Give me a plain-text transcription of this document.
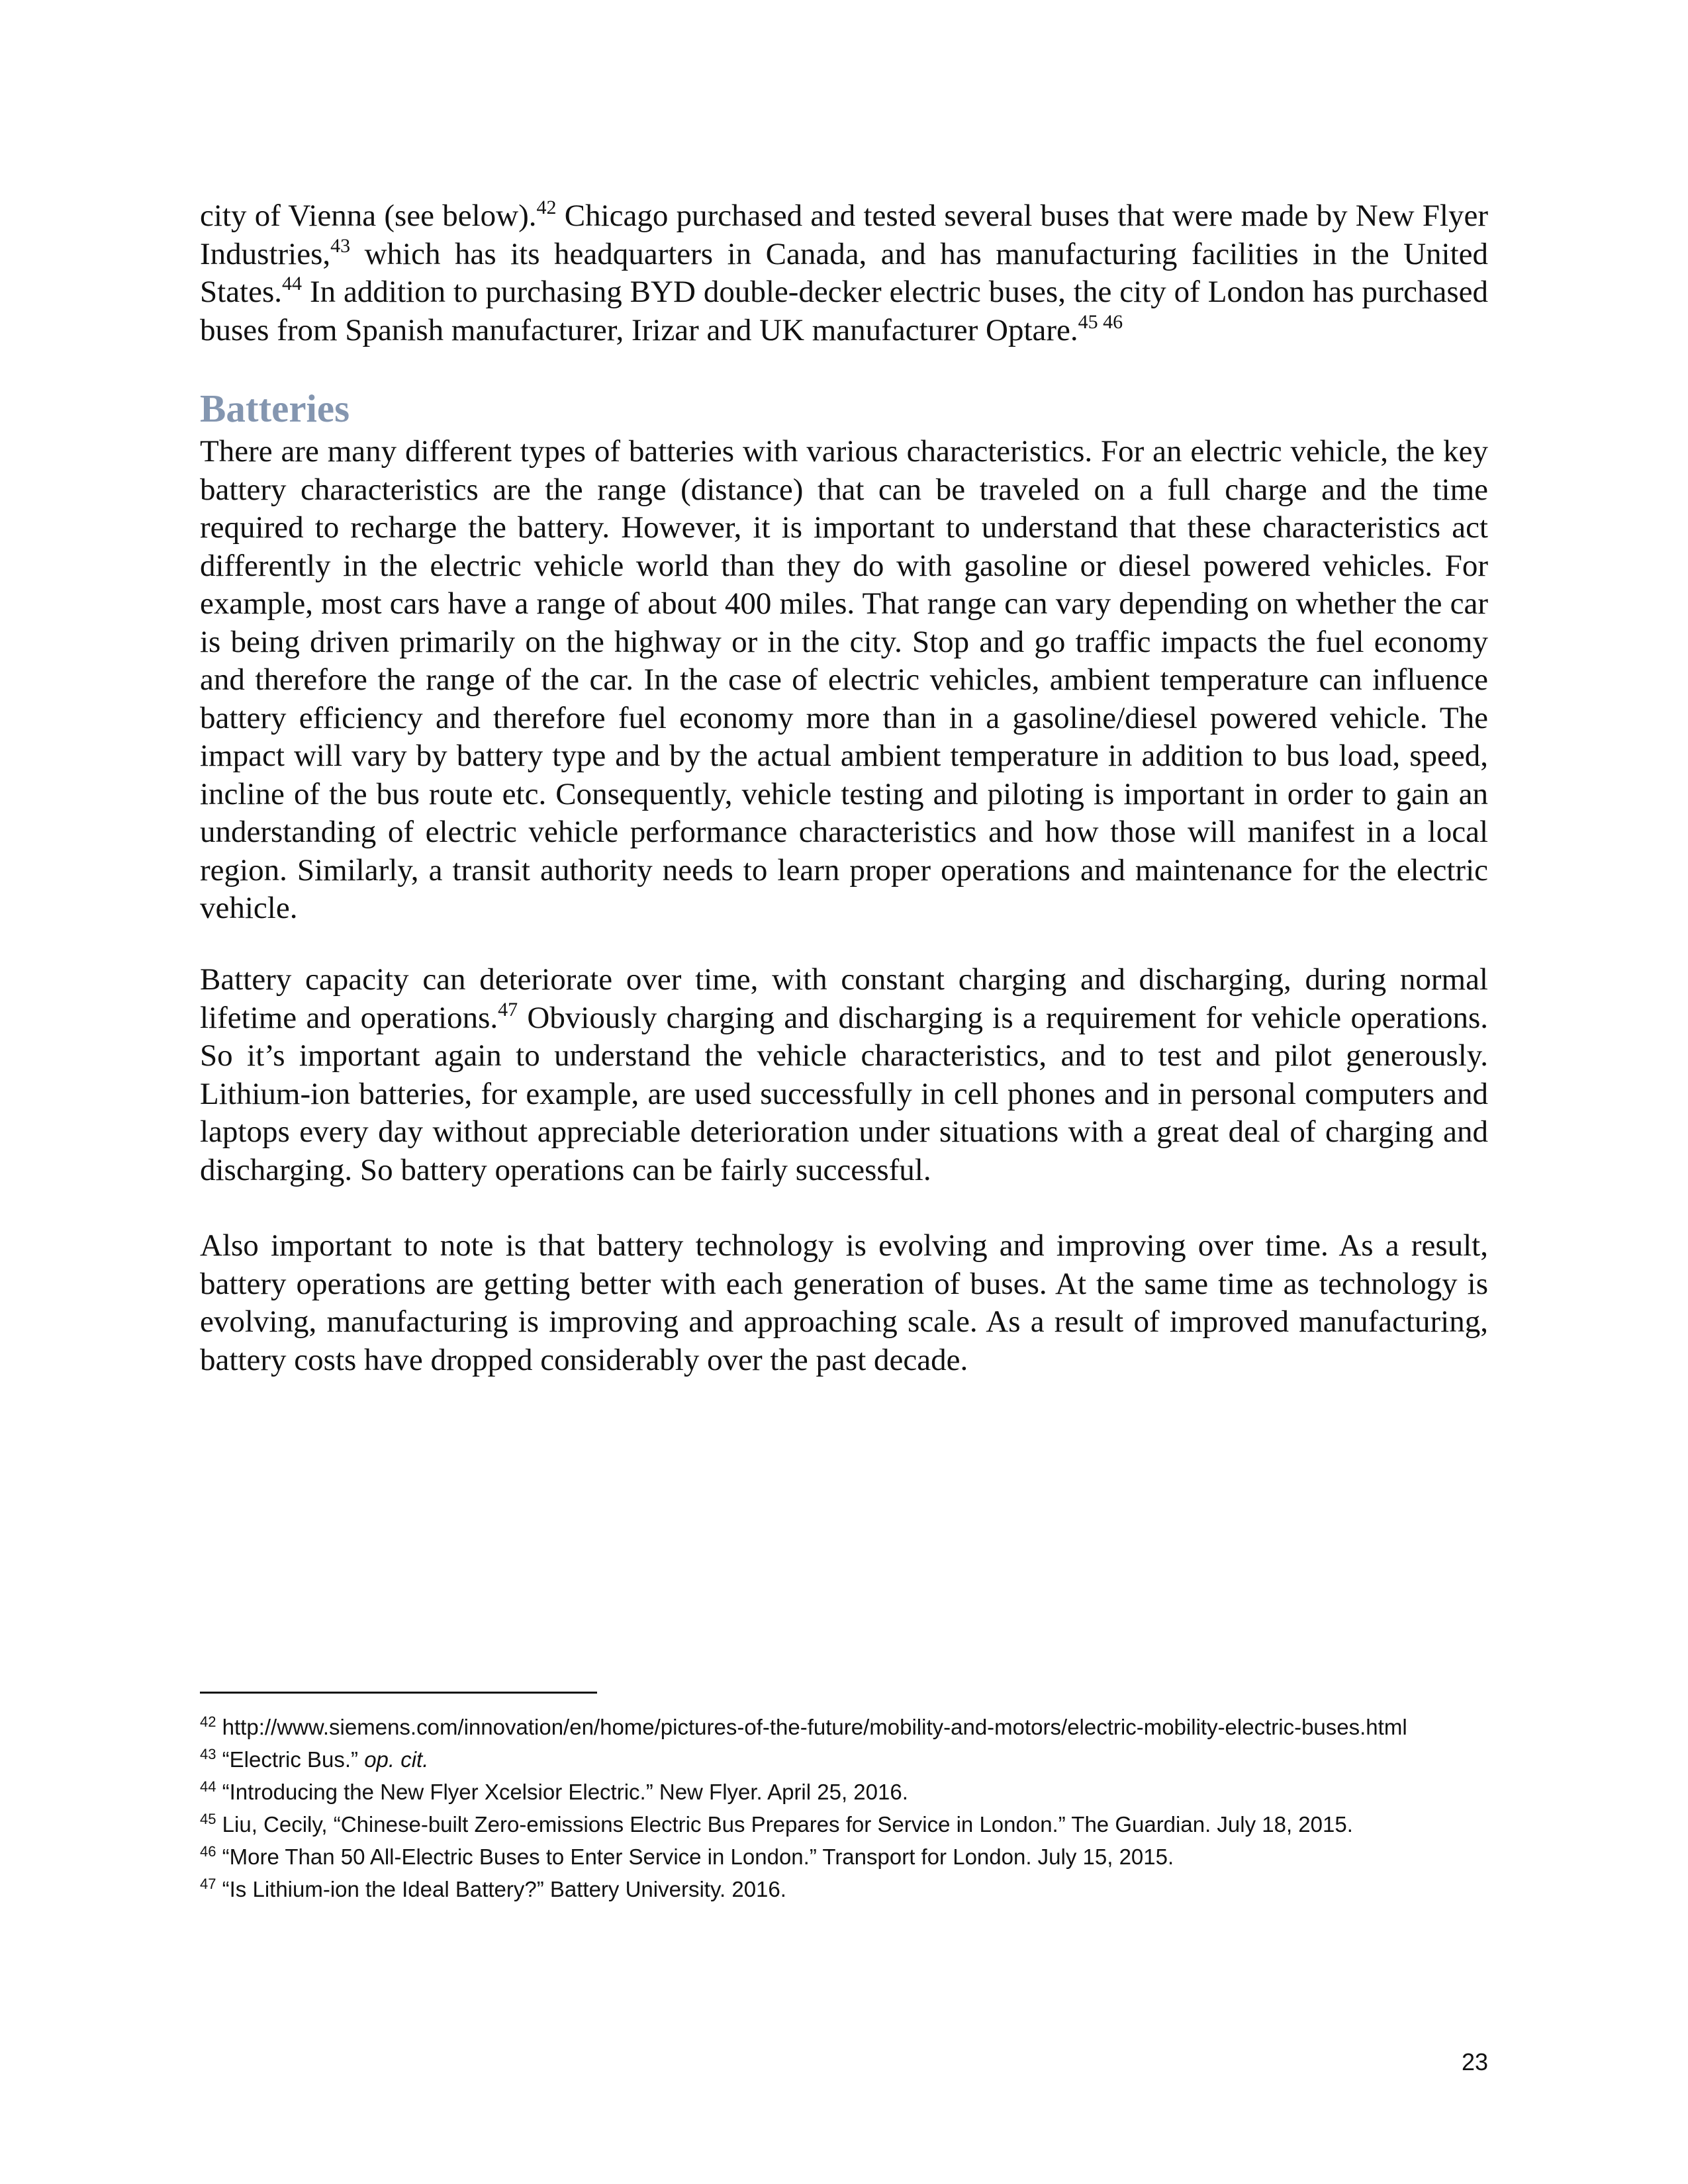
city of Vienna (see below).$^{42}$ Chicago purchased and tested several buses that were made by New Flyer Industries,$^{43}$ which has its headquarters in Canada, and has manufacturing facilities in the United States.$^{44}$ In addition to purchasing BYD double-decker electric buses, the city of London has purchased buses from Spanish manufacturer, Irizar and UK manufacturer Optare.$^{45 46}$

Batteries

There are many different types of batteries with various characteristics. For an electric vehicle, the key battery characteristics are the range (distance) that can be traveled on a full charge and the time required to recharge the battery. However, it is important to understand that these characteristics act differently in the electric vehicle world than they do with gasoline or diesel powered vehicles. For example, most cars have a range of about 400 miles. That range can vary depending on whether the car is being driven primarily on the highway or in the city. Stop and go traffic impacts the fuel economy and therefore the range of the car. In the case of electric vehicles, ambient temperature can influence battery efficiency and therefore fuel economy more than in a gasoline/diesel powered vehicle. The impact will vary by battery type and by the actual ambient temperature in addition to bus load, speed, incline of the bus route etc. Consequently, vehicle testing and piloting is important in order to gain an understanding of electric vehicle performance characteristics and how those will manifest in a local region. Similarly, a transit authority needs to learn proper operations and maintenance for the electric vehicle.

Battery capacity can deteriorate over time, with constant charging and discharging, during normal lifetime and operations.$^{47}$ Obviously charging and discharging is a requirement for vehicle operations. So it’s important again to understand the vehicle characteristics, and to test and pilot generously. Lithium-ion batteries, for example, are used successfully in cell phones and in personal computers and laptops every day without appreciable deterioration under situations with a great deal of charging and discharging. So battery operations can be fairly successful.

Also important to note is that battery technology is evolving and improving over time. As a result, battery operations are getting better with each generation of buses. At the same time as technology is evolving, manufacturing is improving and approaching scale. As a result of improved manufacturing, battery costs have dropped considerably over the past decade.

$^{42}$ http://www.siemens.com/innovation/en/home/pictures-of-the-future/mobility-and-motors/electric-mobility-electric-buses.html

$^{43}$ “Electric Bus.” op. cit.

$^{44}$ “Introducing the New Flyer Xcelsior Electric.” New Flyer. April 25, 2016.

$^{45}$ Liu, Cecily, “Chinese-built Zero-emissions Electric Bus Prepares for Service in London.” The Guardian. July 18, 2015.

$^{46}$ “More Than 50 All-Electric Buses to Enter Service in London.” Transport for London. July 15, 2015.

$^{47}$ “Is Lithium-ion the Ideal Battery?” Battery University. 2016.

23
